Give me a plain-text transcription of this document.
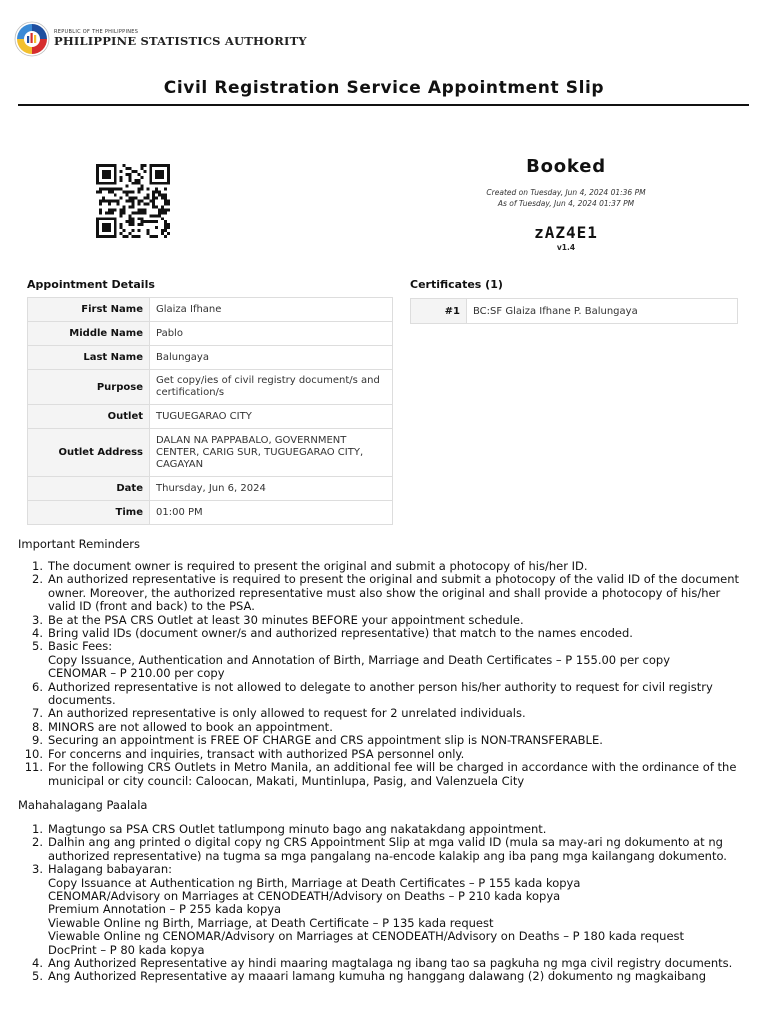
REPUBLIC OF THE PHILIPPINES
PHILIPPINE STATISTICS AUTHORITY
Civil Registration Service Appointment Slip
Booked
Created on Tuesday, Jun 4, 2024 01:36 PM
As of Tuesday, Jun 4, 2024 01:37 PM
zAZ4E1
v1.4
Appointment Details
First Name	Glaiza Ifhane
Middle Name	Pablo
Last Name	Balungaya
Purpose	Get copy/ies of civil registry document/s and certification/s
Outlet	TUGUEGARAO CITY
Outlet Address	DALAN NA PAPPABALO, GOVERNMENT CENTER, CARIG SUR, TUGUEGARAO CITY, CAGAYAN
Date	Thursday, Jun 6, 2024
Time	01:00 PM
Certificates (1)
#1	BC:SF Glaiza Ifhane P. Balungaya
Important Reminders
1. The document owner is required to present the original and submit a photocopy of his/her ID.
2. An authorized representative is required to present the original and submit a photocopy of the valid ID of the document owner. Moreover, the authorized representative must also show the original and shall provide a photocopy of his/her valid ID (front and back) to the PSA.
3. Be at the PSA CRS Outlet at least 30 minutes BEFORE your appointment schedule.
4. Bring valid IDs (document owner/s and authorized representative) that match to the names encoded.
5. Basic Fees:
Copy Issuance, Authentication and Annotation of Birth, Marriage and Death Certificates – P 155.00 per copy
CENOMAR – P 210.00 per copy
6. Authorized representative is not allowed to delegate to another person his/her authority to request for civil registry documents.
7. An authorized representative is only allowed to request for 2 unrelated individuals.
8. MINORS are not allowed to book an appointment.
9. Securing an appointment is FREE OF CHARGE and CRS appointment slip is NON-TRANSFERABLE.
10. For concerns and inquiries, transact with authorized PSA personnel only.
11. For the following CRS Outlets in Metro Manila, an additional fee will be charged in accordance with the ordinance of the municipal or city council: Caloocan, Makati, Muntinlupa, Pasig, and Valenzuela City
Mahahalagang Paalala
1. Magtungo sa PSA CRS Outlet tatlumpong minuto bago ang nakatakdang appointment.
2. Dalhin ang ang printed o digital copy ng CRS Appointment Slip at mga valid ID (mula sa may-ari ng dokumento at ng authorized representative) na tugma sa mga pangalang na-encode kalakip ang iba pang mga kailangang dokumento.
3. Halagang babayaran:
Copy Issuance at Authentication ng Birth, Marriage at Death Certificates – P 155 kada kopya
CENOMAR/Advisory on Marriages at CENODEATH/Advisory on Deaths – P 210 kada kopya
Premium Annotation – P 255 kada kopya
Viewable Online ng Birth, Marriage, at Death Certificate – P 135 kada request
Viewable Online ng CENOMAR/Advisory on Marriages at CENODEATH/Advisory on Deaths – P 180 kada request
DocPrint – P 80 kada kopya
4. Ang Authorized Representative ay hindi maaring magtalaga ng ibang tao sa pagkuha ng mga civil registry documents.
5. Ang Authorized Representative ay maaari lamang kumuha ng hanggang dalawang (2) dokumento ng magkaibang
